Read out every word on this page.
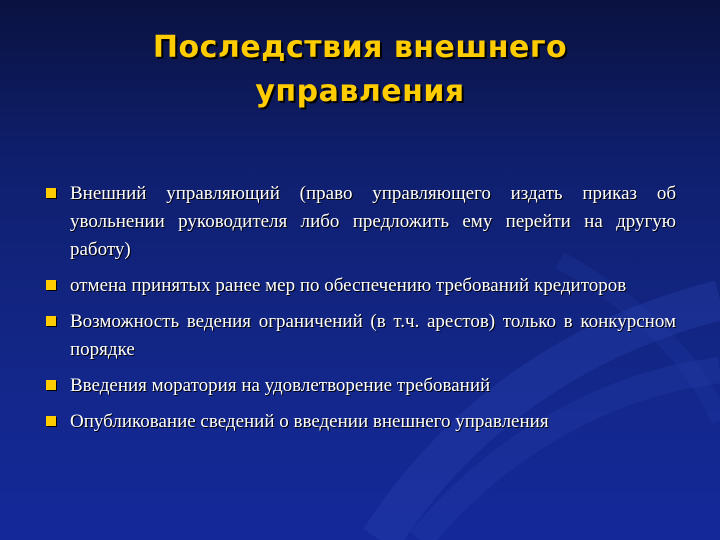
Последствия внешнего
управления
Внешний управляющий (право управляющего издать приказ об увольнении руководителя либо предложить ему перейти на другую работу)
отмена принятых ранее мер по обеспечению требований кредиторов
Возможность ведения ограничений (в т.ч. арестов) только в конкурсном порядке
Введения моратория на удовлетворение требований
Опубликование сведений о введении внешнего управления
